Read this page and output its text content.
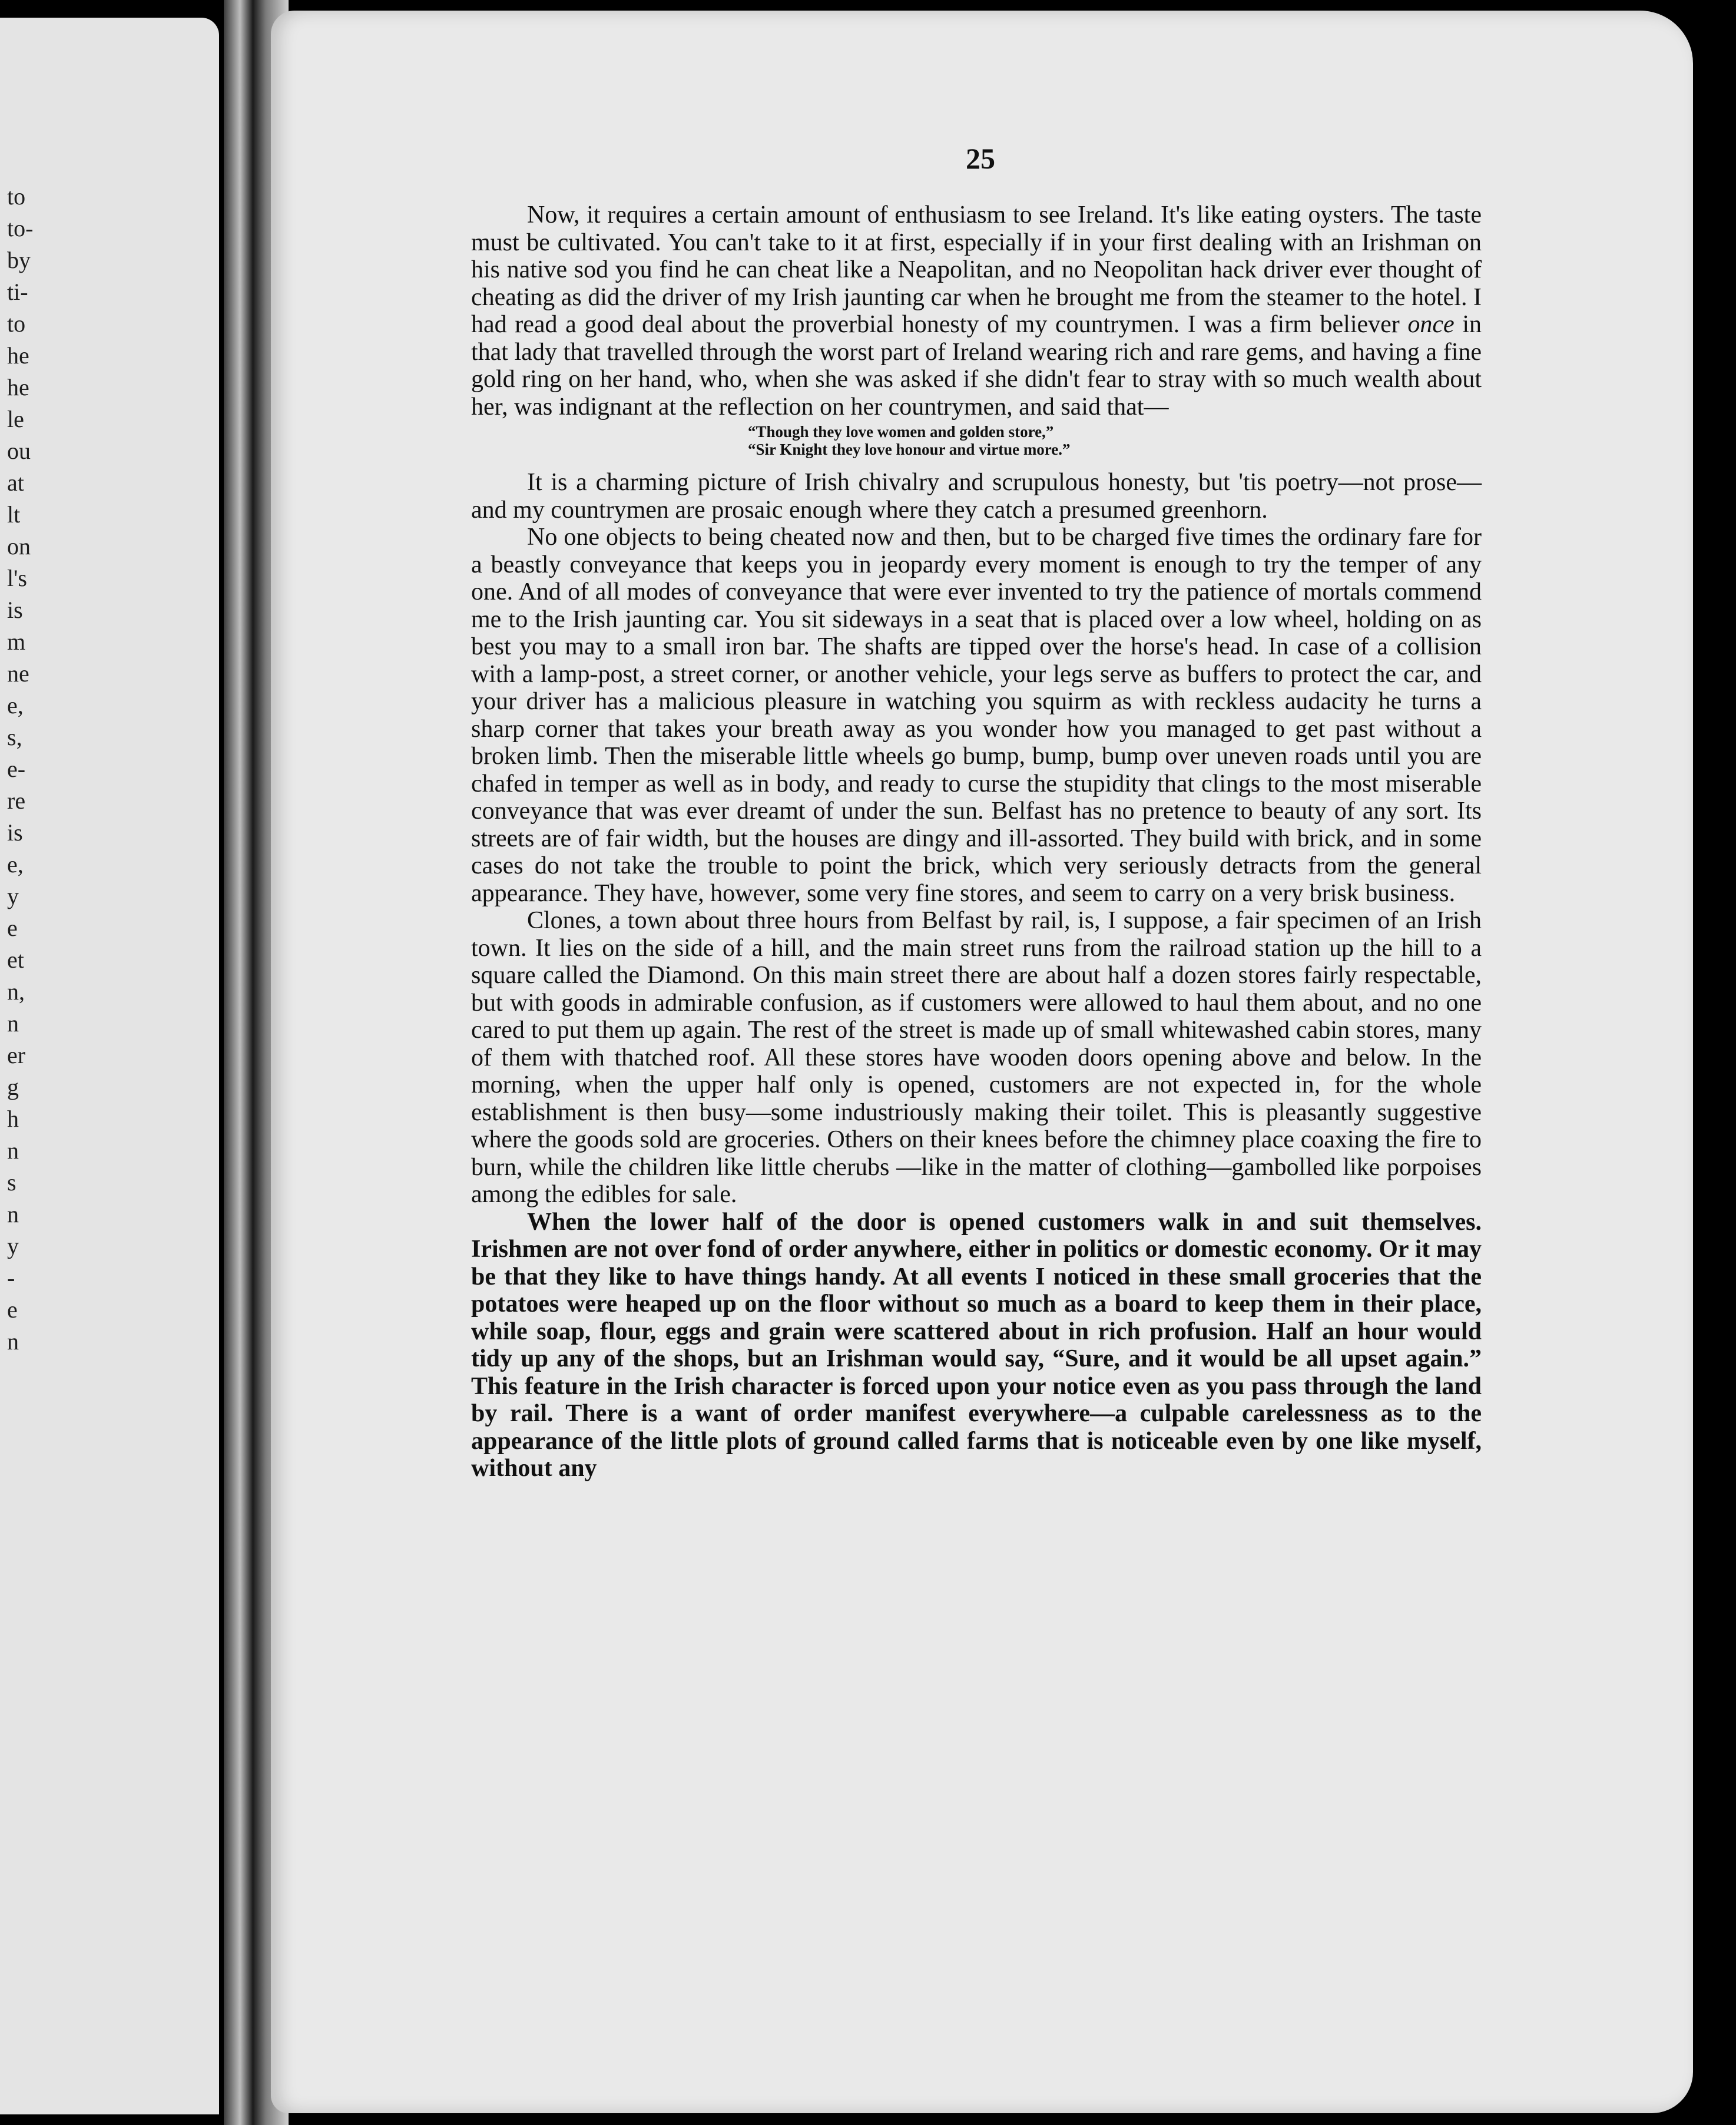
to
to-
by
ti-
to
he
he
le
ou
at
lt
on
l's
is
m
ne
e,
s,
e-
re
is
e,
y
e
et
n,
n
er
g
h
n
s
n
y
-
e
n
25

Now, it requires a certain amount of enthusiasm to see Ireland. It's like eating oysters. The taste must be cultivated. You can't take to it at first, especially if in your first dealing with an Irishman on his native sod you find he can cheat like a Neapolitan, and no Neopolitan hack driver ever thought of cheating as did the driver of my Irish jaunting car when he brought me from the steamer to the hotel. I had read a good deal about the proverbial honesty of my countrymen. I was a firm believer once in that lady that travelled through the worst part of Ireland wearing rich and rare gems, and having a fine gold ring on her hand, who, when she was asked if she didn't fear to stray with so much wealth about her, was indignant at the reflection on her countrymen, and said that—

“Though they love women and golden store,”
“Sir Knight they love honour and virtue more.”

It is a charming picture of Irish chivalry and scrupulous honesty, but 'tis poetry—not prose—and my countrymen are prosaic enough where they catch a presumed greenhorn.

No one objects to being cheated now and then, but to be charged five times the ordinary fare for a beastly conveyance that keeps you in jeopardy every moment is enough to try the temper of any one. And of all modes of conveyance that were ever invented to try the patience of mortals commend me to the Irish jaunting car. You sit sideways in a seat that is placed over a low wheel, holding on as best you may to a small iron bar. The shafts are tipped over the horse's head. In case of a collision with a lamp-post, a street corner, or another vehicle, your legs serve as buffers to protect the car, and your driver has a malicious pleasure in watching you squirm as with reckless audacity he turns a sharp corner that takes your breath away as you wonder how you managed to get past without a broken limb. Then the miserable little wheels go bump, bump, bump over uneven roads until you are chafed in temper as well as in body, and ready to curse the stupidity that clings to the most miserable conveyance that was ever dreamt of under the sun. Belfast has no pretence to beauty of any sort. Its streets are of fair width, but the houses are dingy and ill-assorted. They build with brick, and in some cases do not take the trouble to point the brick, which very seriously detracts from the general appearance. They have, however, some very fine stores, and seem to carry on a very brisk business.

Clones, a town about three hours from Belfast by rail, is, I suppose, a fair specimen of an Irish town. It lies on the side of a hill, and the main street runs from the railroad station up the hill to a square called the Diamond. On this main street there are about half a dozen stores fairly respectable, but with goods in admirable confusion, as if customers were allowed to haul them about, and no one cared to put them up again. The rest of the street is made up of small whitewashed cabin stores, many of them with thatched roof. All these stores have wooden doors opening above and below. In the morning, when the upper half only is opened, customers are not expected in, for the whole establishment is then busy—some industriously making their toilet. This is pleasantly suggestive where the goods sold are groceries. Others on their knees before the chimney place coaxing the fire to burn, while the children like little cherubs —like in the matter of clothing—gambolled like porpoises among the edibles for sale.

When the lower half of the door is opened customers walk in and suit themselves. Irishmen are not over fond of order anywhere, either in politics or domestic economy. Or it may be that they like to have things handy. At all events I noticed in these small groceries that the potatoes were heaped up on the floor without so much as a board to keep them in their place, while soap, flour, eggs and grain were scattered about in rich profusion. Half an hour would tidy up any of the shops, but an Irishman would say, “Sure, and it would be all upset again.” This feature in the Irish character is forced upon your notice even as you pass through the land by rail. There is a want of order manifest everywhere—a culpable carelessness as to the appearance of the little plots of ground called farms that is noticeable even by one like myself, without any
